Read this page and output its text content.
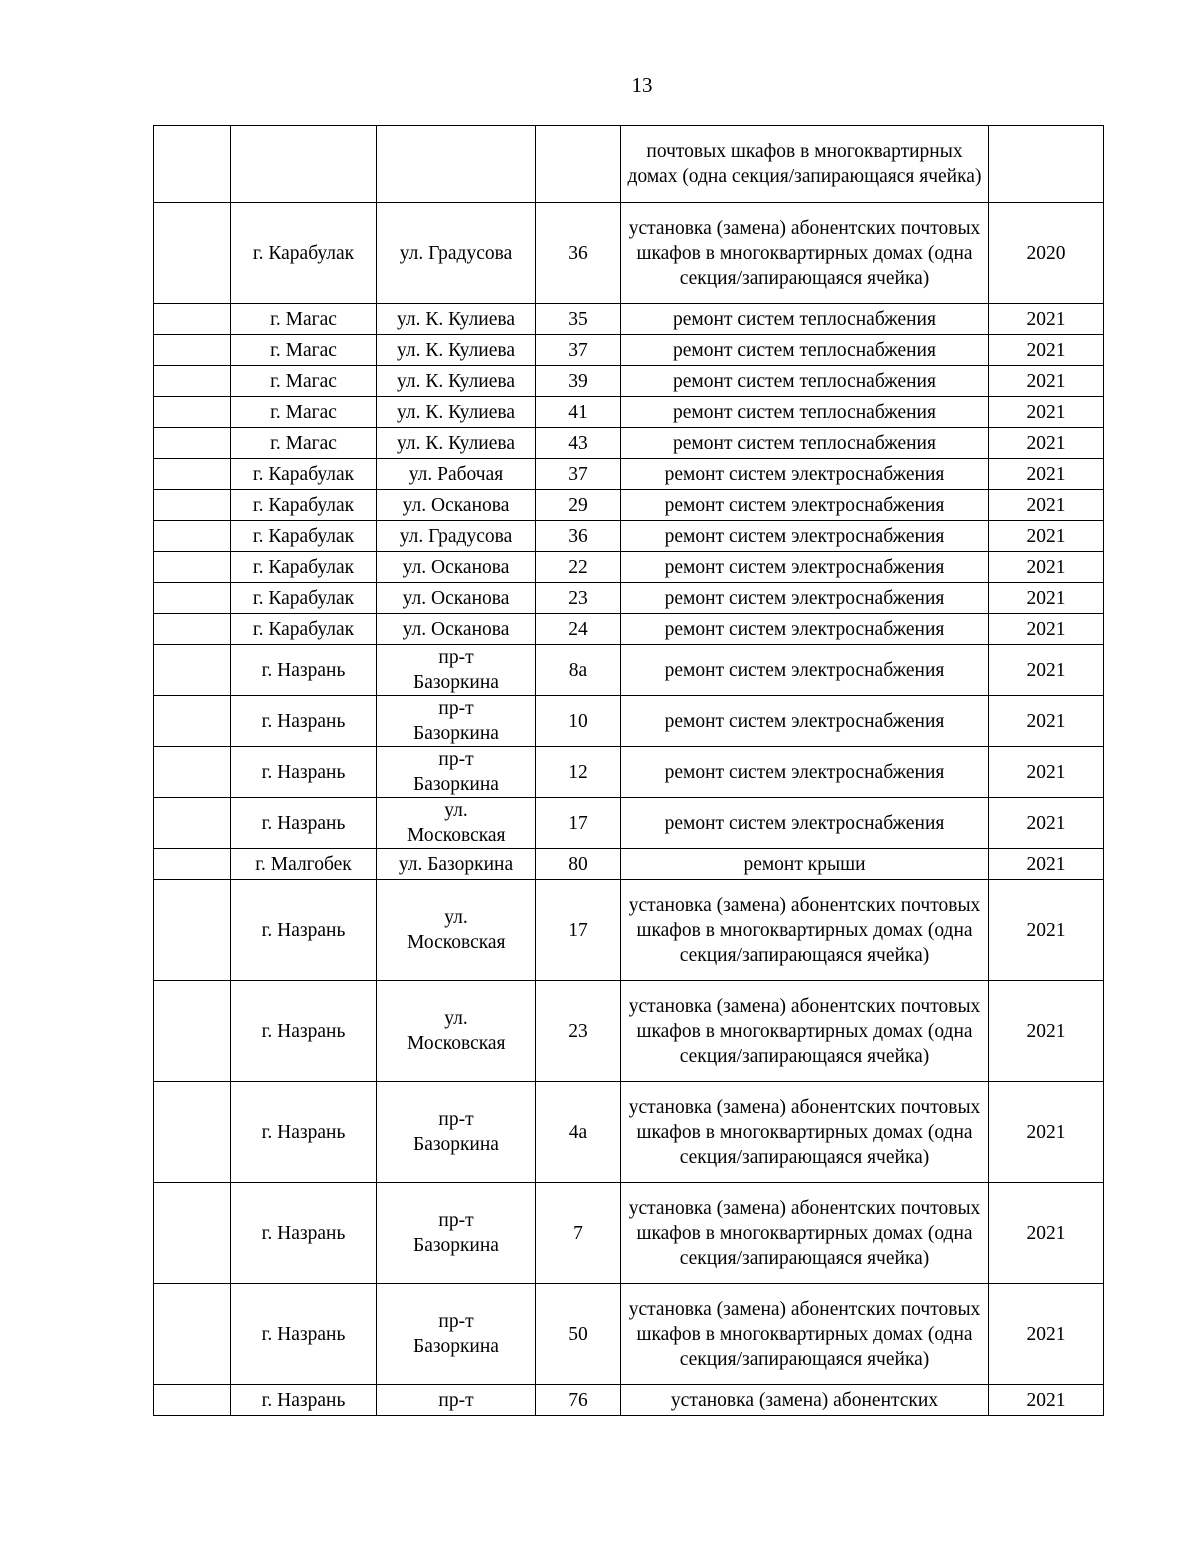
13
				почтовых шкафов в многоквартирных домах (одна секция/запирающаяся ячейка)	
	г. Карабулак	ул. Градусова	36	установка (замена) абонентских почтовых шкафов в многоквартирных домах (одна секция/запирающаяся ячейка)	2020
	г. Магас	ул. К. Кулиева	35	ремонт систем теплоснабжения	2021
	г. Магас	ул. К. Кулиева	37	ремонт систем теплоснабжения	2021
	г. Магас	ул. К. Кулиева	39	ремонт систем теплоснабжения	2021
	г. Магас	ул. К. Кулиева	41	ремонт систем теплоснабжения	2021
	г. Магас	ул. К. Кулиева	43	ремонт систем теплоснабжения	2021
	г. Карабулак	ул. Рабочая	37	ремонт систем электроснабжения	2021
	г. Карабулак	ул. Осканова	29	ремонт систем электроснабжения	2021
	г. Карабулак	ул. Градусова	36	ремонт систем электроснабжения	2021
	г. Карабулак	ул. Осканова	22	ремонт систем электроснабжения	2021
	г. Карабулак	ул. Осканова	23	ремонт систем электроснабжения	2021
	г. Карабулак	ул. Осканова	24	ремонт систем электроснабжения	2021
	г. Назрань	пр-т Базоркина	8а	ремонт систем электроснабжения	2021
	г. Назрань	пр-т Базоркина	10	ремонт систем электроснабжения	2021
	г. Назрань	пр-т Базоркина	12	ремонт систем электроснабжения	2021
	г. Назрань	ул. Московская	17	ремонт систем электроснабжения	2021
	г. Малгобек	ул. Базоркина	80	ремонт крыши	2021
	г. Назрань	ул. Московская	17	установка (замена) абонентских почтовых шкафов в многоквартирных домах (одна секция/запирающаяся ячейка)	2021
	г. Назрань	ул. Московская	23	установка (замена) абонентских почтовых шкафов в многоквартирных домах (одна секция/запирающаяся ячейка)	2021
	г. Назрань	пр-т Базоркина	4а	установка (замена) абонентских почтовых шкафов в многоквартирных домах (одна секция/запирающаяся ячейка)	2021
	г. Назрань	пр-т Базоркина	7	установка (замена) абонентских почтовых шкафов в многоквартирных домах (одна секция/запирающаяся ячейка)	2021
	г. Назрань	пр-т Базоркина	50	установка (замена) абонентских почтовых шкафов в многоквартирных домах (одна секция/запирающаяся ячейка)	2021
	г. Назрань	пр-т	76	установка (замена) абонентских	2021
